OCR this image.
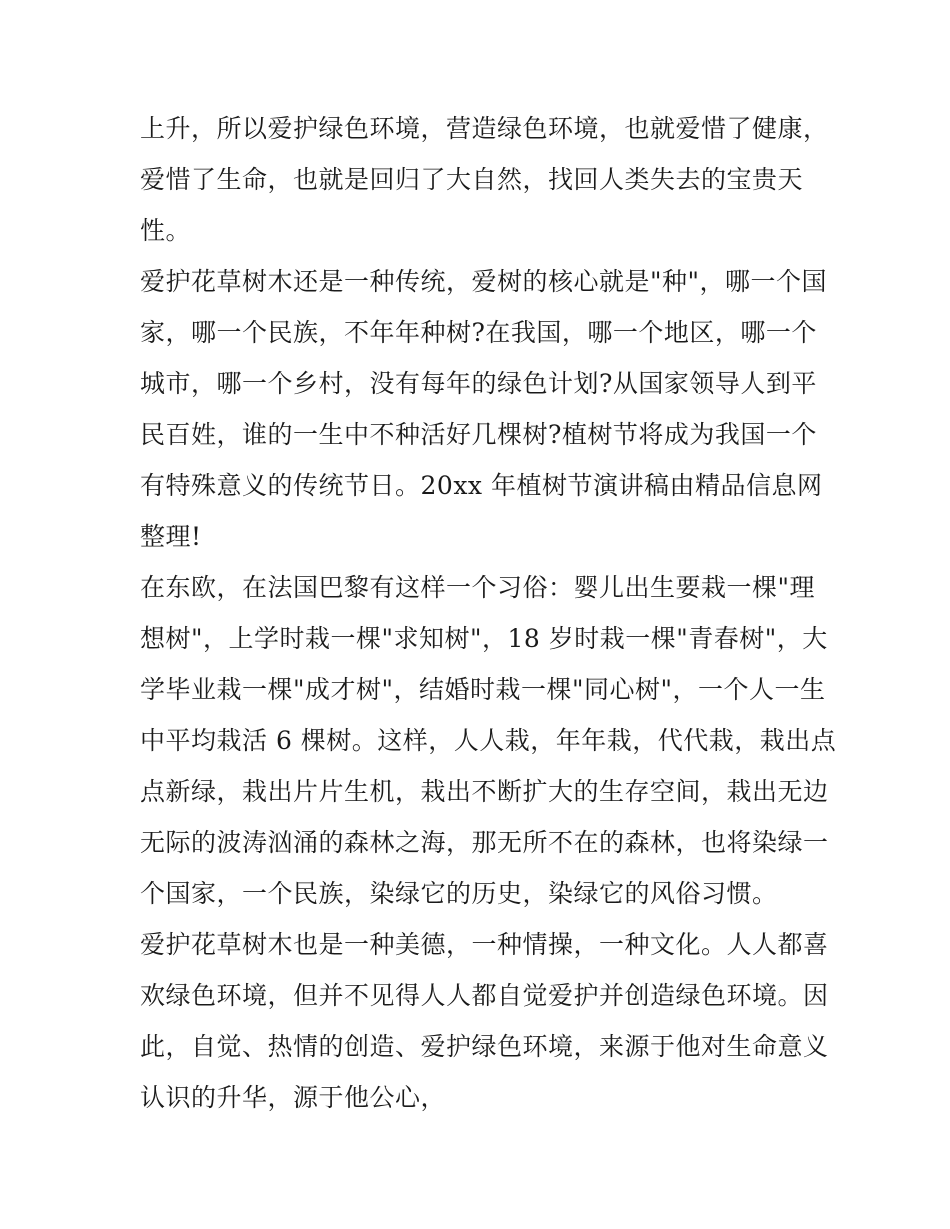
上升，所以爱护绿色环境，营造绿色环境，也就爱惜了健康，
爱惜了生命，也就是回归了大自然，找回人类失去的宝贵天
性。
爱护花草树木还是一种传统，爱树的核心就是"种"，哪一个国
家，哪一个民族，不年年种树?在我国，哪一个地区，哪一个
城市，哪一个乡村，没有每年的绿色计划?从国家领导人到平
民百姓，谁的一生中不种活好几棵树?植树节将成为我国一个
有特殊意义的传统节日。20xx 年植树节演讲稿由精品信息网
整理!
在东欧，在法国巴黎有这样一个习俗：婴儿出生要栽一棵"理
想树"，上学时栽一棵"求知树"，18 岁时栽一棵"青春树"，大
学毕业栽一棵"成才树"，结婚时栽一棵"同心树"，一个人一生
中平均栽活 6 棵树。这样，人人栽，年年栽，代代栽，栽出点
点新绿，栽出片片生机，栽出不断扩大的生存空间，栽出无边
无际的波涛汹涌的森林之海，那无所不在的森林，也将染绿一
个国家，一个民族，染绿它的历史，染绿它的风俗习惯。
爱护花草树木也是一种美德，一种情操，一种文化。人人都喜
欢绿色环境，但并不见得人人都自觉爱护并创造绿色环境。因
此，自觉、热情的创造、爱护绿色环境，来源于他对生命意义
认识的升华，源于他公心，
